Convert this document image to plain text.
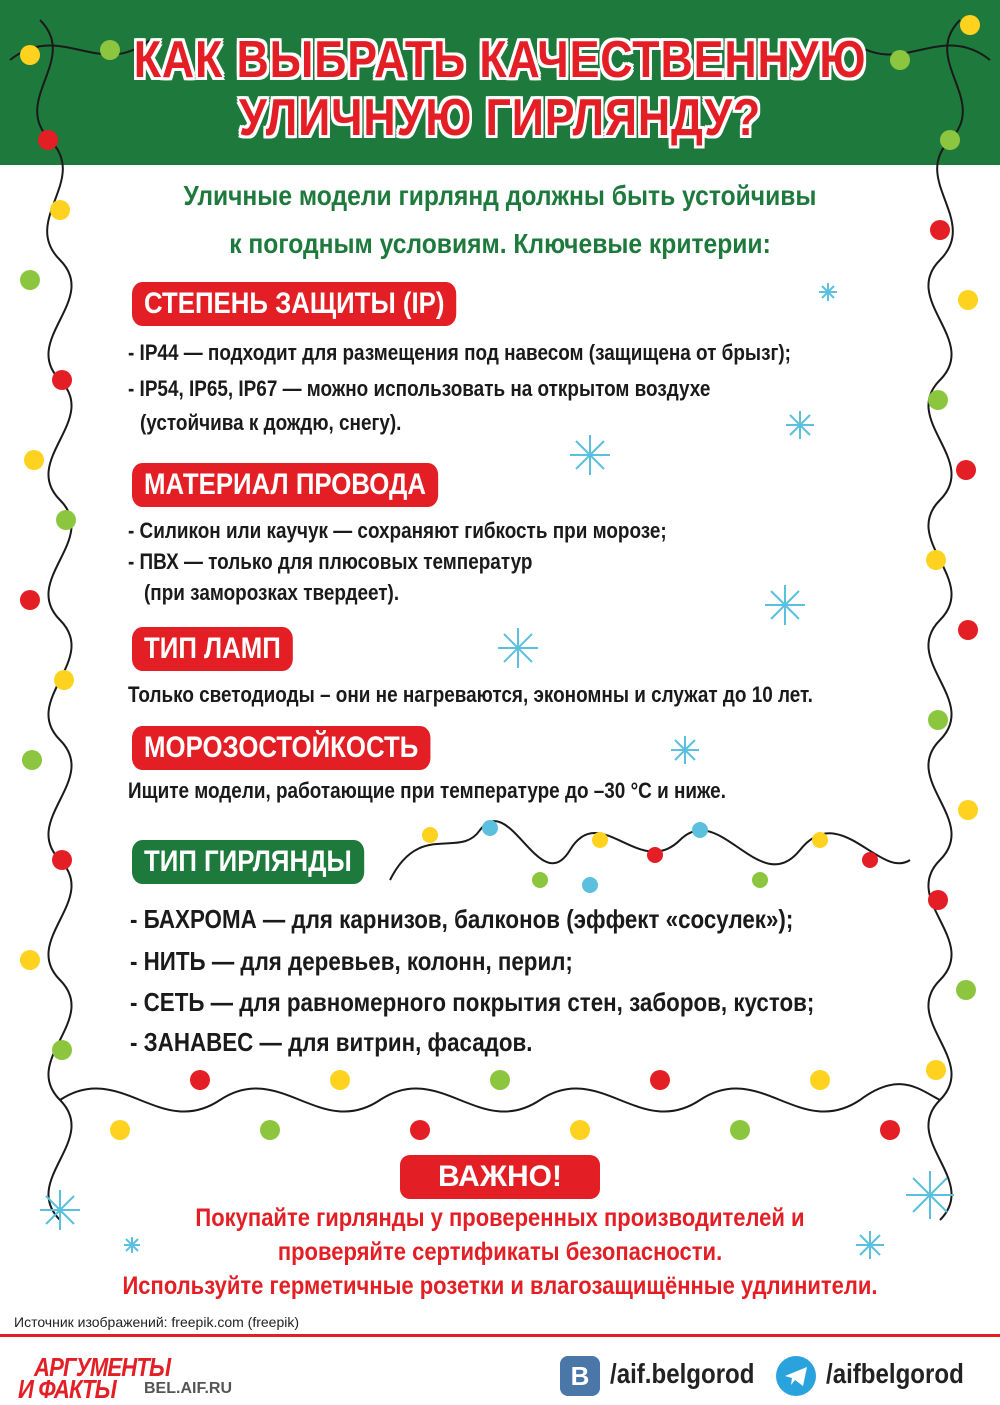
КАК ВЫБРАТЬ КАЧЕСТВЕННУЮ
УЛИЧНУЮ ГИРЛЯНДУ?
Уличные модели гирлянд должны быть устойчивы
к погодным условиям. Ключевые критерии:
СТЕПЕНЬ ЗАЩИТЫ (IP)
- IP44 — подходит для размещения под навесом (защищена от брызг);
- IP54, IP65, IP67 — можно использовать на открытом воздухе
(устойчива к дождю, снегу).
МАТЕРИАЛ ПРОВОДА
- Силикон или каучук — сохраняют гибкость при морозе;
- ПВХ — только для плюсовых температур
(при заморозках твердеет).
ТИП ЛАМП
Только светодиоды – они не нагреваются, экономны и служат до 10 лет.
МОРОЗОСТОЙКОСТЬ
Ищите модели, работающие при температуре до –30 °С и ниже.
ТИП ГИРЛЯНДЫ
- БАХРОМА — для карнизов, балконов (эффект «сосулек»);
- НИТЬ — для деревьев, колонн, перил;
- СЕТЬ — для равномерного покрытия стен, заборов, кустов;
- ЗАНАВЕС — для витрин, фасадов.
ВАЖНО!
Покупайте гирлянды у проверенных производителей и
проверяйте сертификаты безопасности.
Используйте герметичные розетки и влагозащищённые удлинители.
Источник изображений: freepik.com (freepik)
АРГУМЕНТЫ
И ФАКТЫ BEL.AIF.RU	B /aif.belgorod	/aifbelgorod
